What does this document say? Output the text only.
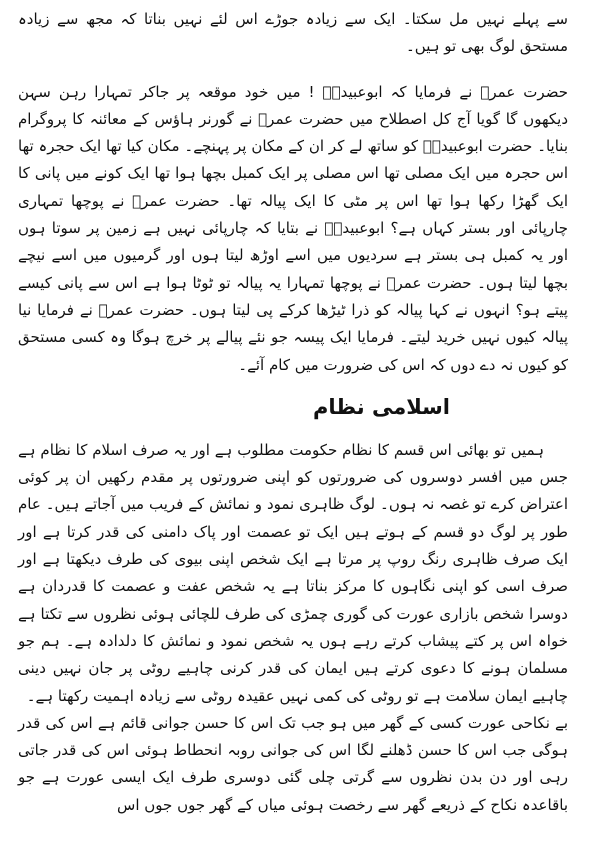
سے پہلے نہیں مل سکتا۔ ایک سے زیادہ جوڑے اس لئے نہیں بناتا کہ مجھ سے زیادہ مستحق لوگ بھی تو ہیں۔

حضرت عمرؓ نے فرمایا کہ ابوعبیدہؓ ! میں خود موقعہ پر جاکر تمہارا رہن سہن دیکھوں گا گویا آج کل اصطلاح میں حضرت عمرؓ نے گورنر ہاؤس کے معائنہ کا پروگرام بنایا۔ حضرت ابوعبیدہؓ کو ساتھ لے کر ان کے مکان پر پہنچے۔ مکان کیا تھا ایک حجرہ تھا اس حجرہ میں ایک مصلی تھا اس مصلی پر ایک کمبل بچھا ہوا تھا ایک کونے میں پانی کا ایک گھڑا رکھا ہوا تھا اس پر مٹی کا ایک پیالہ تھا۔ حضرت عمرؓ نے پوچھا تمہاری چارپائی اور بستر کہاں ہے؟ ابوعبیدہؓ نے بتایا کہ چارپائی نہیں ہے زمین پر سوتا ہوں اور یہ کمبل ہی بستر ہے سردیوں میں اسے اوڑھ لیتا ہوں اور گرمیوں میں اسے نیچے بچھا لیتا ہوں۔ حضرت عمرؓ نے پوچھا تمہارا یہ پیالہ تو ٹوٹا ہوا ہے اس سے پانی کیسے پیتے ہو؟ انہوں نے کہا پیالہ کو ذرا ٹیڑھا کرکے پی لیتا ہوں۔ حضرت عمرؓ نے فرمایا نیا پیالہ کیوں نہیں خرید لیتے۔ فرمایا ایک پیسہ جو نئے پیالے پر خرچ ہوگا وہ کسی مستحق کو کیوں نہ دے دوں کہ اس کی ضرورت میں کام آئے۔

اسلامی نظام

ہمیں تو بھائی اس قسم کا نظام حکومت مطلوب ہے اور یہ صرف اسلام کا نظام ہے جس میں افسر دوسروں کی ضرورتوں کو اپنی ضرورتوں پر مقدم رکھیں ان پر کوئی اعتراض کرے تو غصہ نہ ہوں۔ لوگ ظاہری نمود و نمائش کے فریب میں آجاتے ہیں۔ عام طور پر لوگ دو قسم کے ہوتے ہیں ایک تو عصمت اور پاک دامنی کی قدر کرتا ہے اور ایک صرف ظاہری رنگ روپ پر مرتا ہے ایک شخص اپنی بیوی کی طرف دیکھتا ہے اور صرف اسی کو اپنی نگاہوں کا مرکز بناتا ہے یہ شخص عفت و عصمت کا قدردان ہے دوسرا شخص بازاری عورت کی گوری چمڑی کی طرف للچائی ہوئی نظروں سے تکتا ہے خواہ اس پر کتے پیشاب کرتے رہے ہوں یہ شخص نمود و نمائش کا دلدادہ ہے۔ ہم جو مسلمان ہونے کا دعوی کرتے ہیں ایمان کی قدر کرنی چاہیے روٹی پر جان نہیں دینی چاہیے ایمان سلامت ہے تو روٹی کی کمی نہیں عقیدہ روٹی سے زیادہ اہمیت رکھتا ہے۔

بے نکاحی عورت کسی کے گھر میں ہو جب تک اس کا حسن جوانی قائم ہے اس کی قدر ہوگی جب اس کا حسن ڈھلنے لگا اس کی جوانی روبہ انحطاط ہوئی اس کی قدر جاتی رہی اور دن بدن نظروں سے گرتی چلی گئی دوسری طرف ایک ایسی عورت ہے جو باقاعدہ نکاح کے ذریعے گھر سے رخصت ہوئی میاں کے گھر جوں جوں اس
